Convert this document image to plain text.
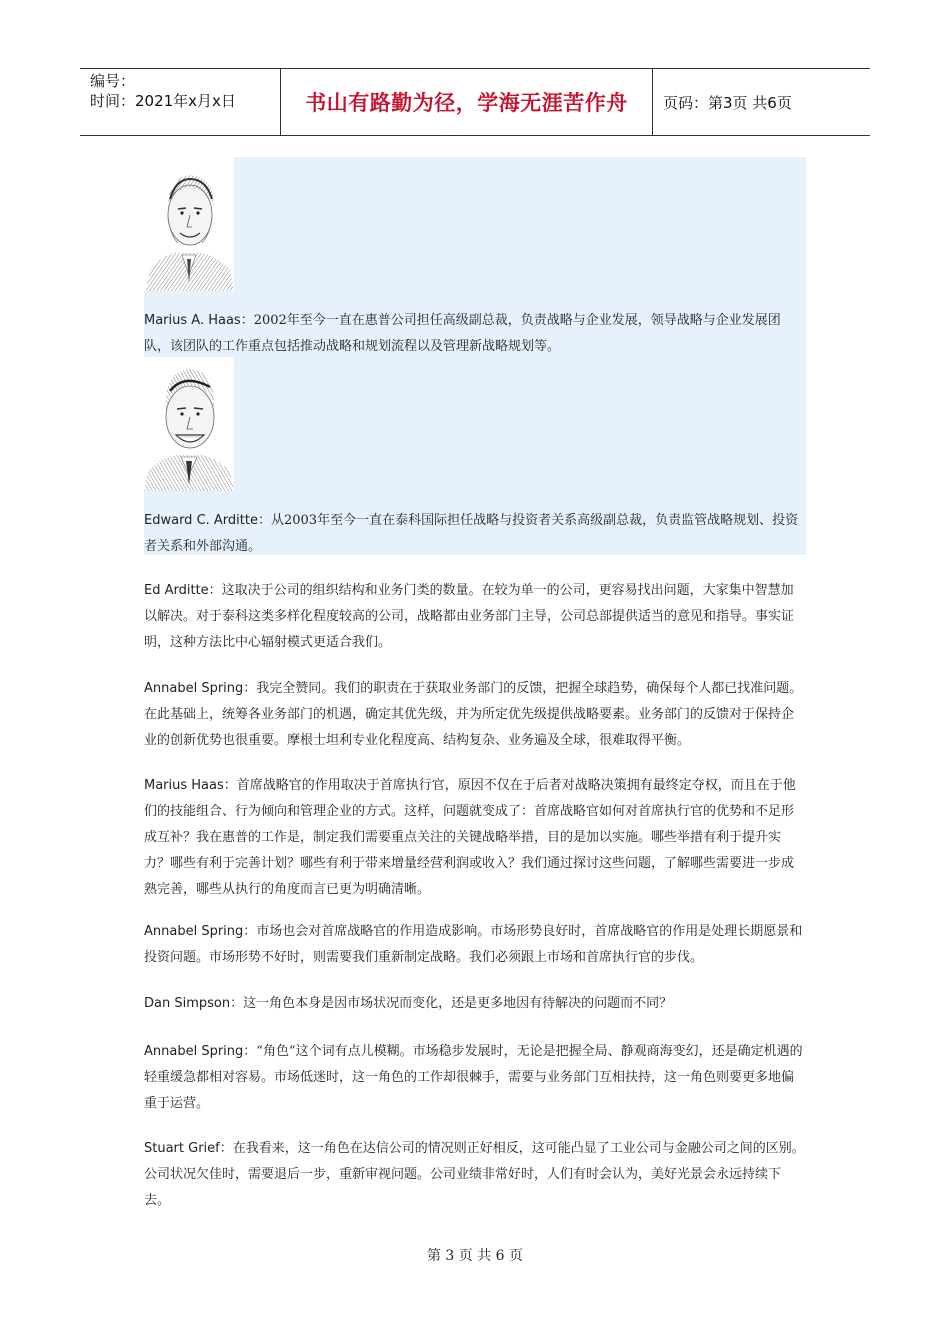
编号：
时间：2021年x月x日	书山有路勤为径，学海无涯苦作舟	页码：第3页 共6页

Marius A. Haas：2002年至今一直在惠普公司担任高级副总裁，负责战略与企业发展，领导战略与企业发展团队，该团队的工作重点包括推动战略和规划流程以及管理新战略规划等。

Edward C. Arditte：从2003年至今一直在泰科国际担任战略与投资者关系高级副总裁，负责监管战略规划、投资者关系和外部沟通。

Ed Arditte：这取决于公司的组织结构和业务门类的数量。在较为单一的公司，更容易找出问题，大家集中智慧加以解决。对于泰科这类多样化程度较高的公司，战略都由业务部门主导，公司总部提供适当的意见和指导。事实证明，这种方法比中心辐射模式更适合我们。

Annabel Spring：我完全赞同。我们的职责在于获取业务部门的反馈，把握全球趋势，确保每个人都已找准问题。在此基础上，统筹各业务部门的机遇，确定其优先级，并为所定优先级提供战略要素。业务部门的反馈对于保持企业的创新优势也很重要。摩根士坦利专业化程度高、结构复杂、业务遍及全球，很难取得平衡。

Marius Haas：首席战略官的作用取决于首席执行官，原因不仅在于后者对战略决策拥有最终定夺权，而且在于他们的技能组合、行为倾向和管理企业的方式。这样，问题就变成了：首席战略官如何对首席执行官的优势和不足形成互补？我在惠普的工作是，制定我们需要重点关注的关键战略举措，目的是加以实施。哪些举措有利于提升实力？哪些有利于完善计划？哪些有利于带来增量经营利润或收入？我们通过探讨这些问题，了解哪些需要进一步成熟完善，哪些从执行的角度而言已更为明确清晰。

Annabel Spring：市场也会对首席战略官的作用造成影响。市场形势良好时，首席战略官的作用是处理长期愿景和投资问题。市场形势不好时，则需要我们重新制定战略。我们必须跟上市场和首席执行官的步伐。

Dan Simpson：这一角色本身是因市场状况而变化，还是更多地因有待解决的问题而不同？

Annabel Spring：“角色”这个词有点儿模糊。市场稳步发展时，无论是把握全局、静观商海变幻，还是确定机遇的轻重缓急都相对容易。市场低迷时，这一角色的工作却很棘手，需要与业务部门互相扶持，这一角色则要更多地偏重于运营。

Stuart Grief：在我看来，这一角色在达信公司的情况则正好相反，这可能凸显了工业公司与金融公司之间的区别。公司状况欠佳时，需要退后一步，重新审视问题。公司业绩非常好时，人们有时会认为，美好光景会永远持续下去。

第 3 页 共 6 页
